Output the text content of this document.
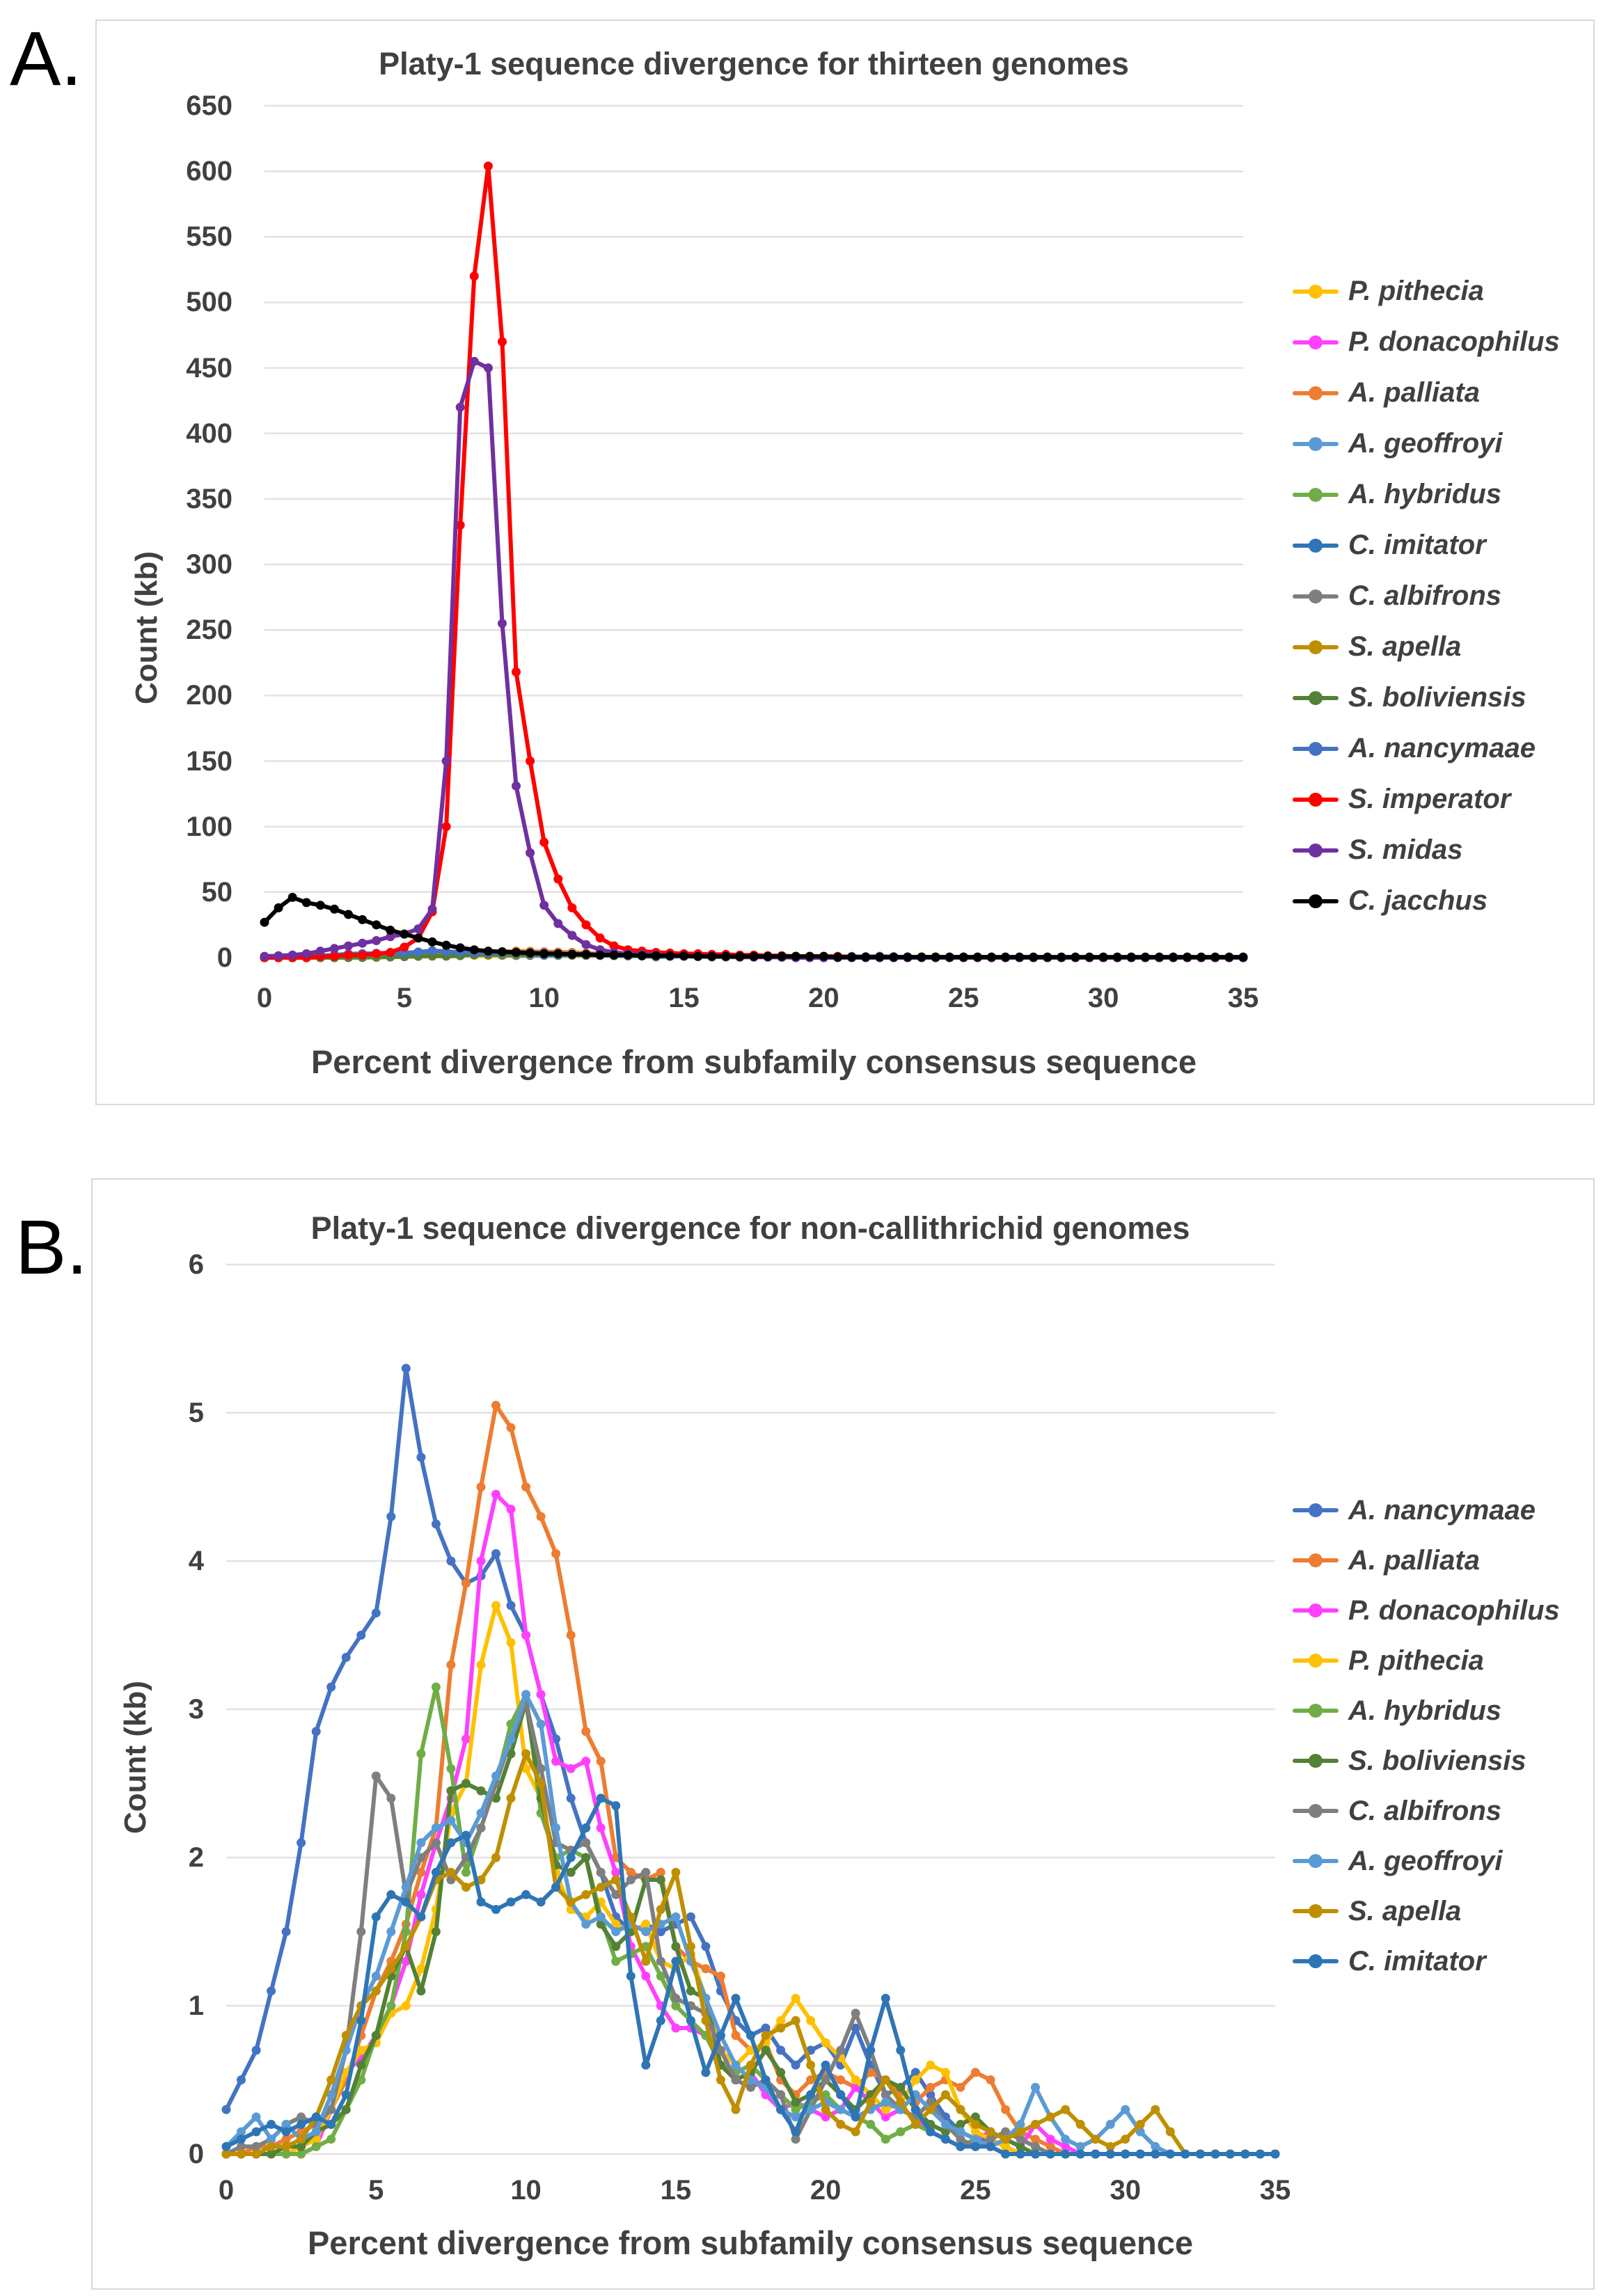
A.	Platy-1 sequence divergence for thirteen genomes
Count (kb)
0
50
100
150
200
250
300
350
400
450
500
550
600
650
0	5	10	15	20	25	30	35
Percent divergence from subfamily consensus sequence
P. pithecia
P. donacophilus
A. palliata
A. geoffroyi
A. hybridus
C. imitator
C. albifrons
S. apella
S. boliviensis
A. nancymaae
S. imperator
S. midas
C. jacchus
B.	Platy-1 sequence divergence for non-callithrichid genomes
Count (kb)
0
1
2
3
4
5
6
0	5	10	15	20	25	30	35
Percent divergence from subfamily consensus sequence
A. nancymaae
A. palliata
P. donacophilus
P. pithecia
A. hybridus
S. boliviensis
C. albifrons
A. geoffroyi
S. apella
C. imitator
